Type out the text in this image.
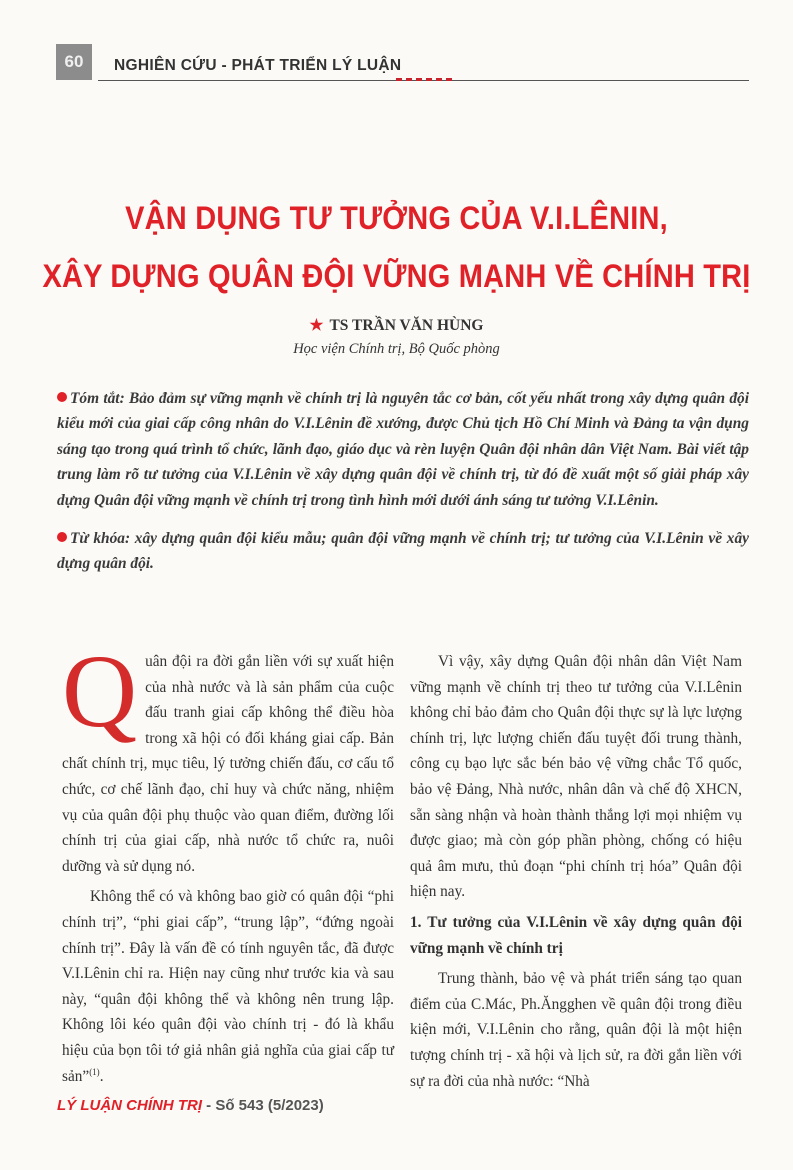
60	NGHIÊN CỨU - PHÁT TRIỂN LÝ LUẬN
VẬN DỤNG TƯ TƯỞNG CỦA V.I.LÊNIN,
XÂY DỰNG QUÂN ĐỘI VỮNG MẠNH VỀ CHÍNH TRỊ
★ TS TRẦN VĂN HÙNG
Học viện Chính trị, Bộ Quốc phòng

Tóm tắt: Bảo đảm sự vững mạnh về chính trị là nguyên tắc cơ bản, cốt yếu nhất trong xây dựng quân đội kiểu mới của giai cấp công nhân do V.I.Lênin đề xướng, được Chủ tịch Hồ Chí Minh và Đảng ta vận dụng sáng tạo trong quá trình tổ chức, lãnh đạo, giáo dục và rèn luyện Quân đội nhân dân Việt Nam. Bài viết tập trung làm rõ tư tưởng của V.I.Lênin về xây dựng quân đội về chính trị, từ đó đề xuất một số giải pháp xây dựng Quân đội vững mạnh về chính trị trong tình hình mới dưới ánh sáng tư tưởng V.I.Lênin.

Từ khóa: xây dựng quân đội kiểu mẫu; quân đội vững mạnh về chính trị; tư tưởng của V.I.Lênin về xây dựng quân đội.

Quân đội ra đời gắn liền với sự xuất hiện của nhà nước và là sản phẩm của cuộc đấu tranh giai cấp không thể điều hòa trong xã hội có đối kháng giai cấp. Bản chất chính trị, mục tiêu, lý tưởng chiến đấu, cơ cấu tổ chức, cơ chế lãnh đạo, chỉ huy và chức năng, nhiệm vụ của quân đội phụ thuộc vào quan điểm, đường lối chính trị của giai cấp, nhà nước tổ chức ra, nuôi dưỡng và sử dụng nó.

Không thể có và không bao giờ có quân đội “phi chính trị”, “phi giai cấp”, “trung lập”, “đứng ngoài chính trị”. Đây là vấn đề có tính nguyên tắc, đã được V.I.Lênin chỉ ra. Hiện nay cũng như trước kia và sau này, “quân đội không thể và không nên trung lập. Không lôi kéo quân đội vào chính trị - đó là khẩu hiệu của bọn tôi tớ giả nhân giả nghĩa của giai cấp tư sản”$^{(1)}$.

Vì vậy, xây dựng Quân đội nhân dân Việt Nam vững mạnh về chính trị theo tư tưởng của V.I.Lênin không chỉ bảo đảm cho Quân đội thực sự là lực lượng chính trị, lực lượng chiến đấu tuyệt đối trung thành, công cụ bạo lực sắc bén bảo vệ vững chắc Tổ quốc, bảo vệ Đảng, Nhà nước, nhân dân và chế độ XHCN, sẵn sàng nhận và hoàn thành thắng lợi mọi nhiệm vụ được giao; mà còn góp phần phòng, chống có hiệu quả âm mưu, thủ đoạn “phi chính trị hóa” Quân đội hiện nay.

1. Tư tưởng của V.I.Lênin về xây dựng quân đội vững mạnh về chính trị

Trung thành, bảo vệ và phát triển sáng tạo quan điểm của C.Mác, Ph.Ăngghen về quân đội trong điều kiện mới, V.I.Lênin cho rằng, quân đội là một hiện tượng chính trị - xã hội và lịch sử, ra đời gắn liền với sự ra đời của nhà nước: “Nhà

LÝ LUẬN CHÍNH TRỊ - Số 543 (5/2023)
